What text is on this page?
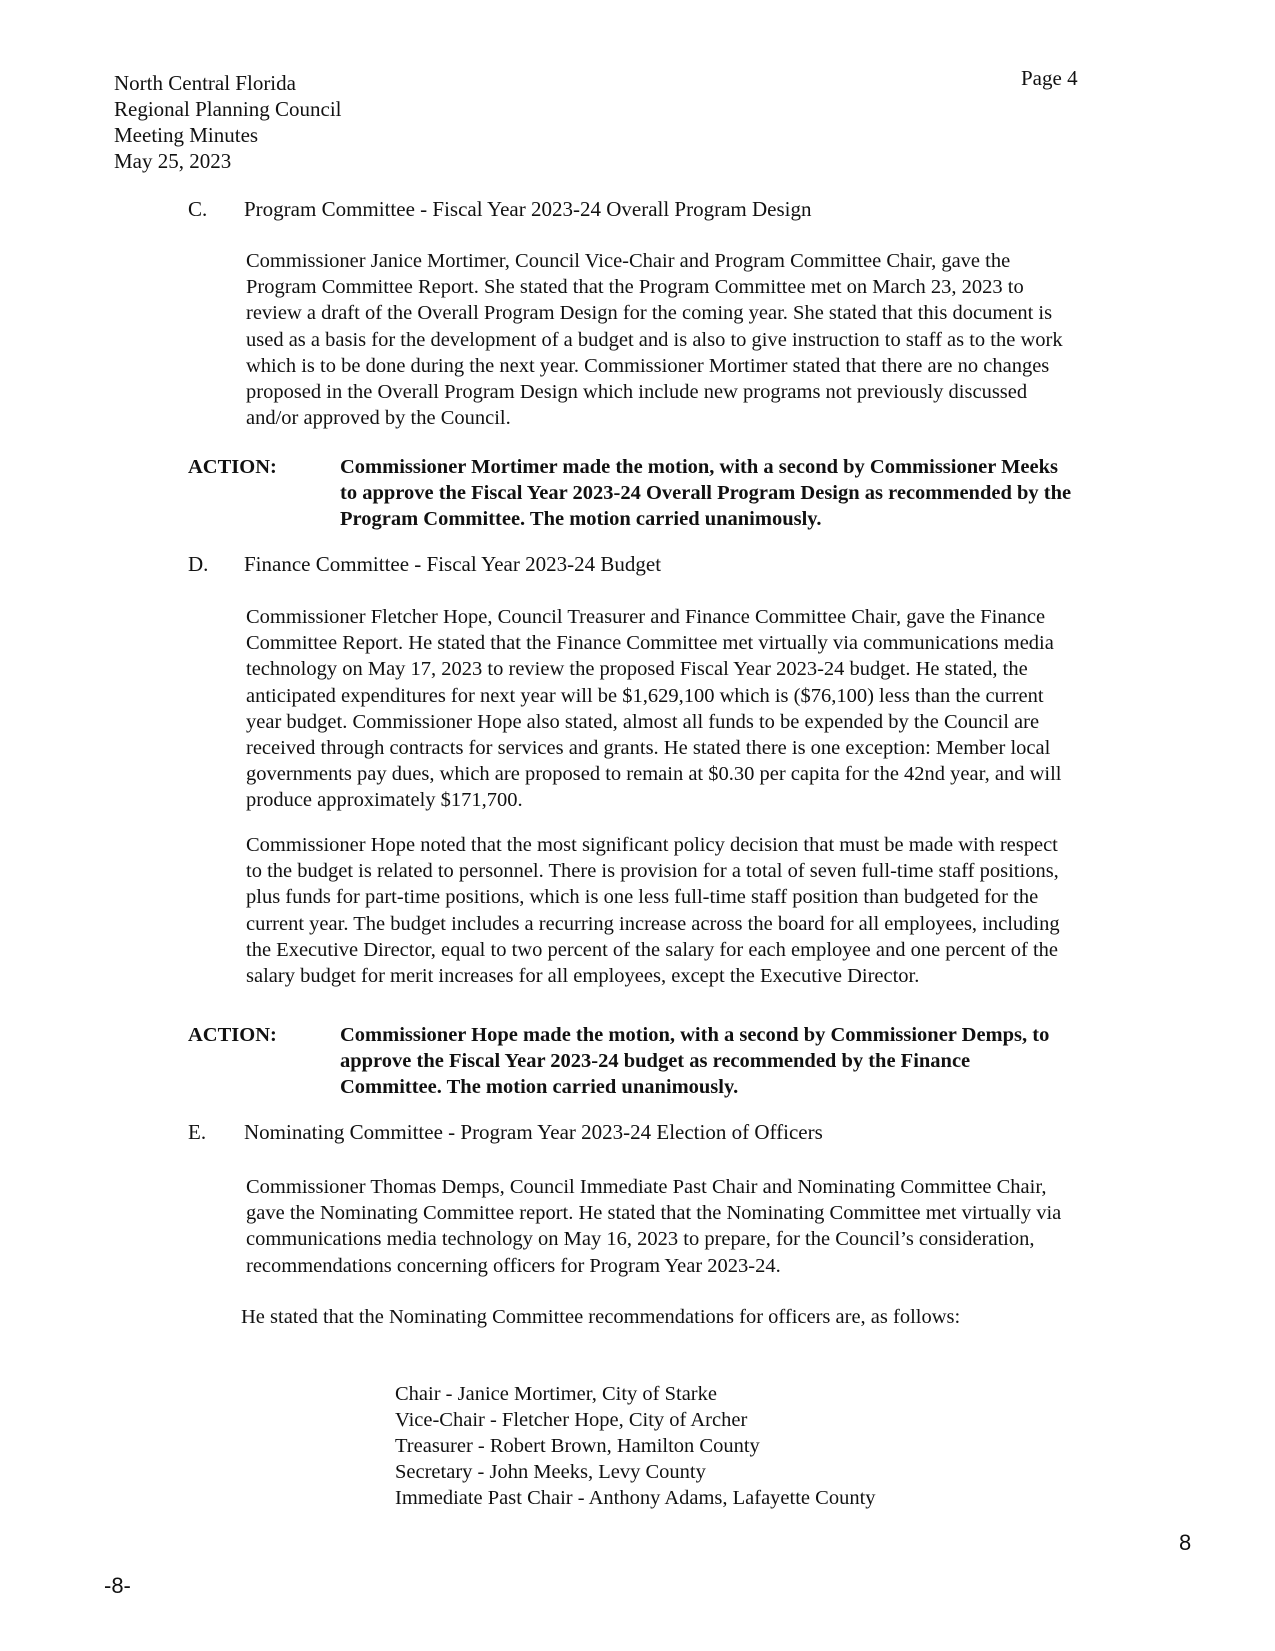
North Central Florida
Regional Planning Council
Meeting Minutes
May 25, 2023
Page 4
C.	Program Committee - Fiscal Year 2023-24 Overall Program Design
Commissioner Janice Mortimer, Council Vice-Chair and Program Committee Chair, gave the
Program Committee Report. She stated that the Program Committee met on March 23, 2023 to
review a draft of the Overall Program Design for the coming year. She stated that this document is
used as a basis for the development of a budget and is also to give instruction to staff as to the work
which is to be done during the next year. Commissioner Mortimer stated that there are no changes
proposed in the Overall Program Design which include new programs not previously discussed
and/or approved by the Council.
ACTION:	Commissioner Mortimer made the motion, with a second by Commissioner Meeks
to approve the Fiscal Year 2023-24 Overall Program Design as recommended by the
Program Committee. The motion carried unanimously.
D.	Finance Committee - Fiscal Year 2023-24 Budget
Commissioner Fletcher Hope, Council Treasurer and Finance Committee Chair, gave the Finance
Committee Report. He stated that the Finance Committee met virtually via communications media
technology on May 17, 2023 to review the proposed Fiscal Year 2023-24 budget. He stated, the
anticipated expenditures for next year will be $1,629,100 which is ($76,100) less than the current
year budget. Commissioner Hope also stated, almost all funds to be expended by the Council are
received through contracts for services and grants. He stated there is one exception: Member local
governments pay dues, which are proposed to remain at $0.30 per capita for the 42nd year, and will
produce approximately $171,700.
Commissioner Hope noted that the most significant policy decision that must be made with respect
to the budget is related to personnel. There is provision for a total of seven full-time staff positions,
plus funds for part-time positions, which is one less full-time staff position than budgeted for the
current year. The budget includes a recurring increase across the board for all employees, including
the Executive Director, equal to two percent of the salary for each employee and one percent of the
salary budget for merit increases for all employees, except the Executive Director.
ACTION:	Commissioner Hope made the motion, with a second by Commissioner Demps, to
approve the Fiscal Year 2023-24 budget as recommended by the Finance
Committee. The motion carried unanimously.
E.	Nominating Committee - Program Year 2023-24 Election of Officers
Commissioner Thomas Demps, Council Immediate Past Chair and Nominating Committee Chair,
gave the Nominating Committee report. He stated that the Nominating Committee met virtually via
communications media technology on May 16, 2023 to prepare, for the Council’s consideration,
recommendations concerning officers for Program Year 2023-24.
He stated that the Nominating Committee recommendations for officers are, as follows:
Chair - Janice Mortimer, City of Starke
Vice-Chair - Fletcher Hope, City of Archer
Treasurer - Robert Brown, Hamilton County
Secretary - John Meeks, Levy County
Immediate Past Chair - Anthony Adams, Lafayette County
8
-8-
